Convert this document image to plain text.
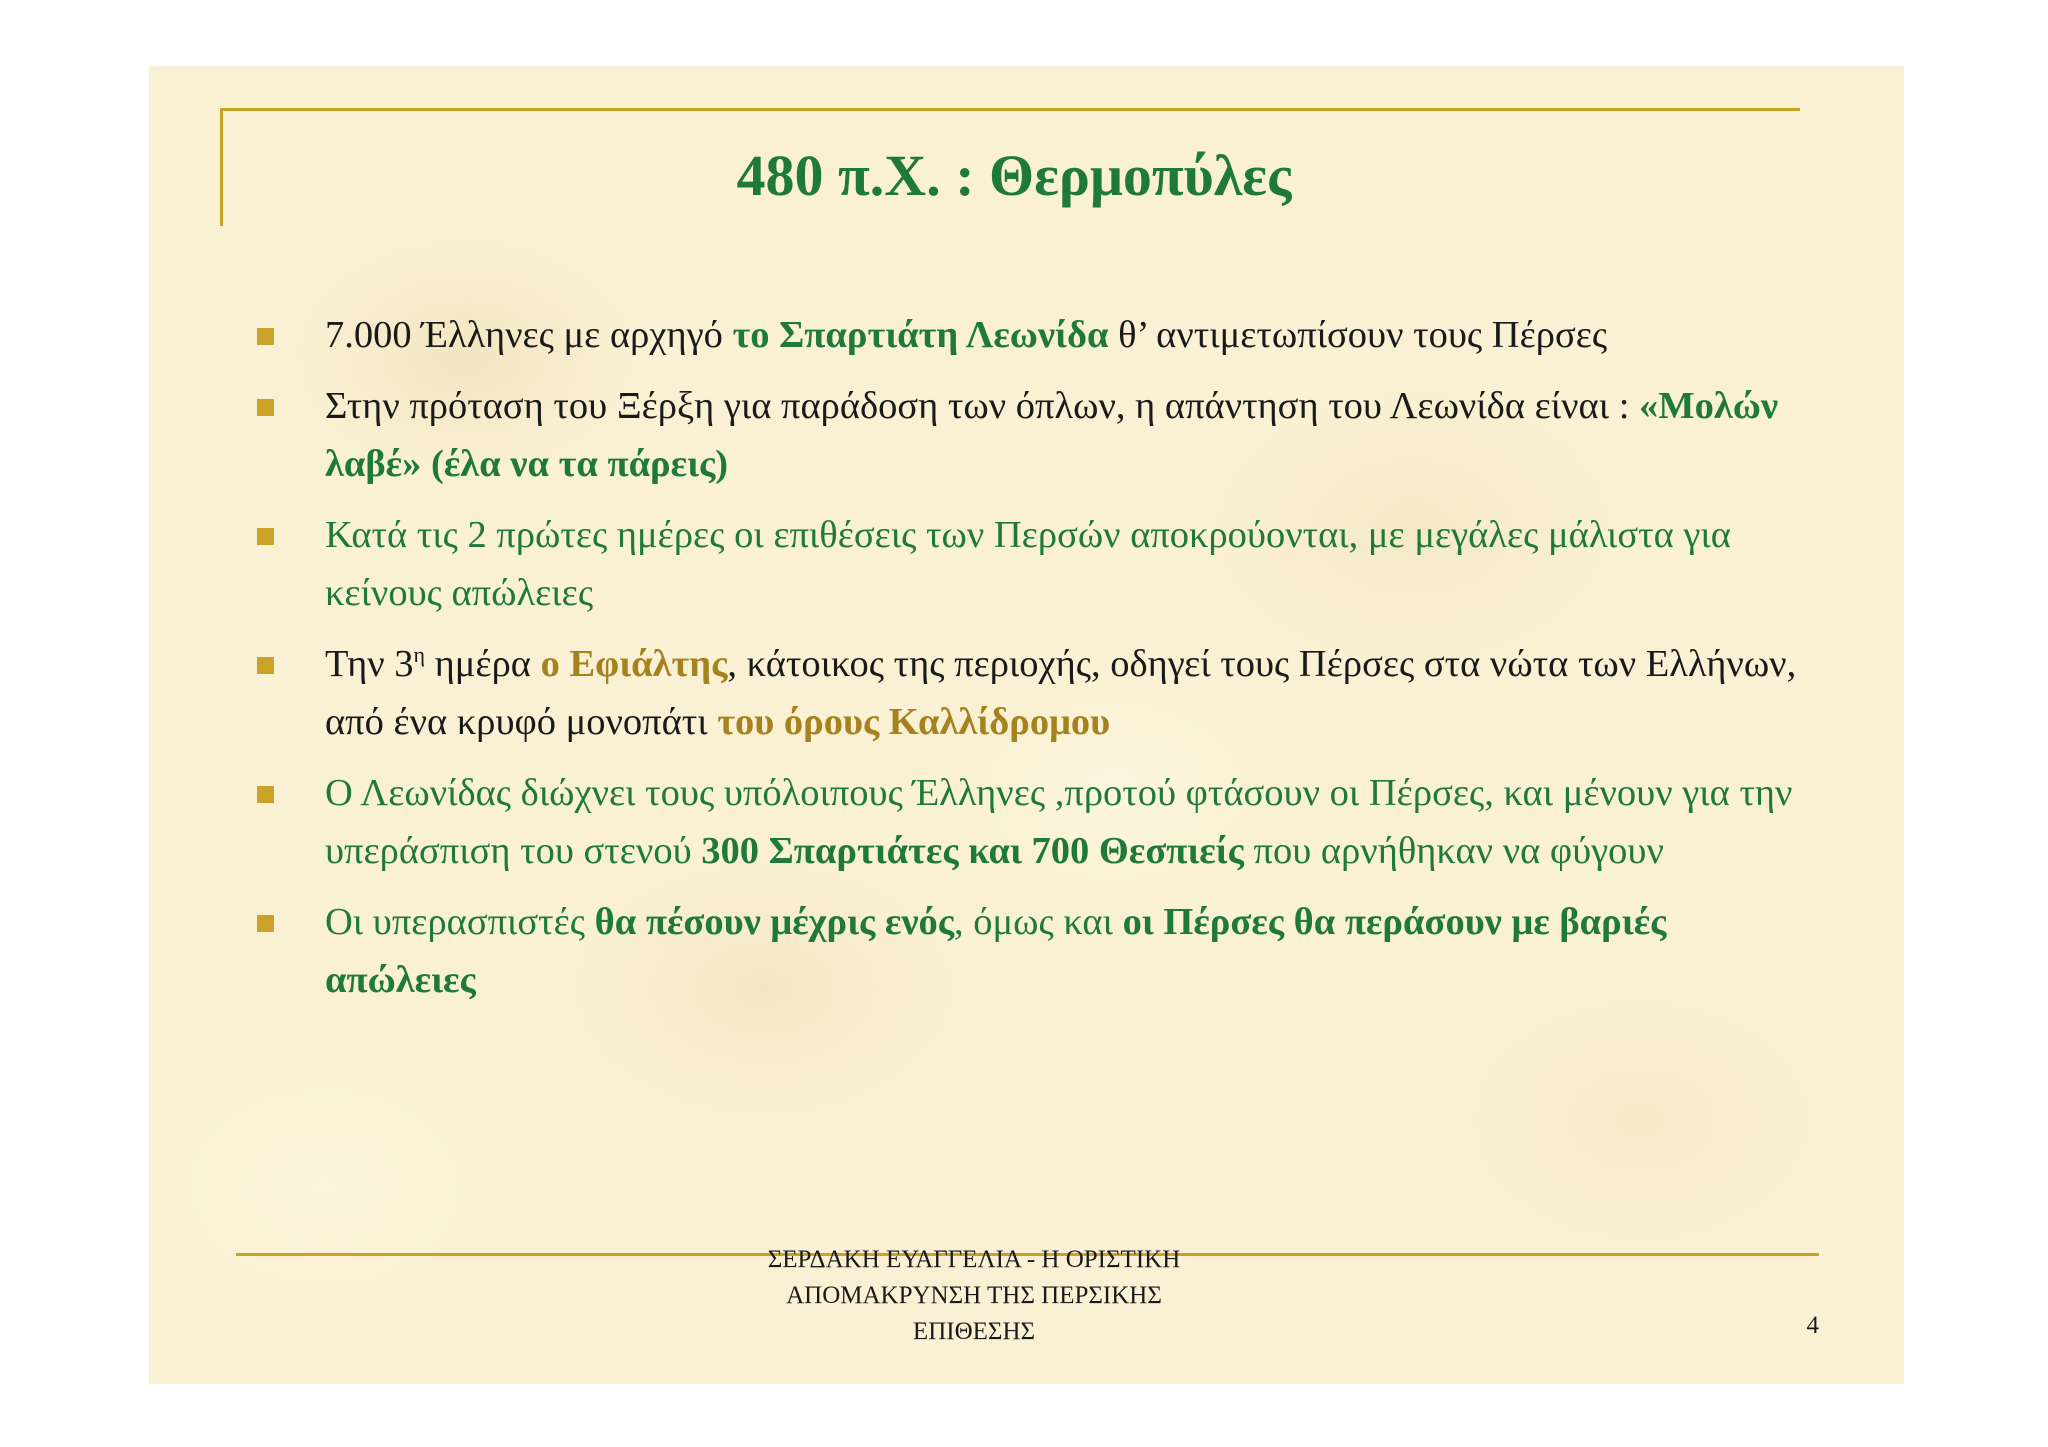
480 π.Χ. : Θερμοπύλες
7.000 Έλληνες με αρχηγό το Σπαρτιάτη Λεωνίδα θ’ αντιμετωπίσουν τους Πέρσες
Στην πρόταση του Ξέρξη για παράδοση των όπλων, η απάντηση του Λεωνίδα είναι : «Μολών λαβέ» (έλα να τα πάρεις)
Κατά τις 2 πρώτες ημέρες οι επιθέσεις των Περσών αποκρούονται, με μεγάλες μάλιστα για κείνους απώλειες
Την $3^\eta$ ημέρα ο Εφιάλτης, κάτοικος της περιοχής, οδηγεί τους Πέρσες στα νώτα των Ελλήνων, από ένα κρυφό μονοπάτι του όρους Καλλίδρομου
Ο Λεωνίδας διώχνει τους υπόλοιπους Έλληνες ,προτού φτάσουν οι Πέρσες, και μένουν για την υπεράσπιση του στενού 300 Σπαρτιάτες και 700 Θεσπιείς που αρνήθηκαν να φύγουν
Οι υπερασπιστές θα πέσουν μέχρις ενός, όμως και οι Πέρσες θα περάσουν με βαριές απώλειες
ΣΕΡΔΑΚΗ ΕΥΑΓΓΕΛΙΑ - Η ΟΡΙΣΤΙΚΗ ΑΠΟΜΑΚΡΥΝΣΗ ΤΗΣ ΠΕΡΣΙΚΗΣ ΕΠΙΘΕΣΗΣ	4
